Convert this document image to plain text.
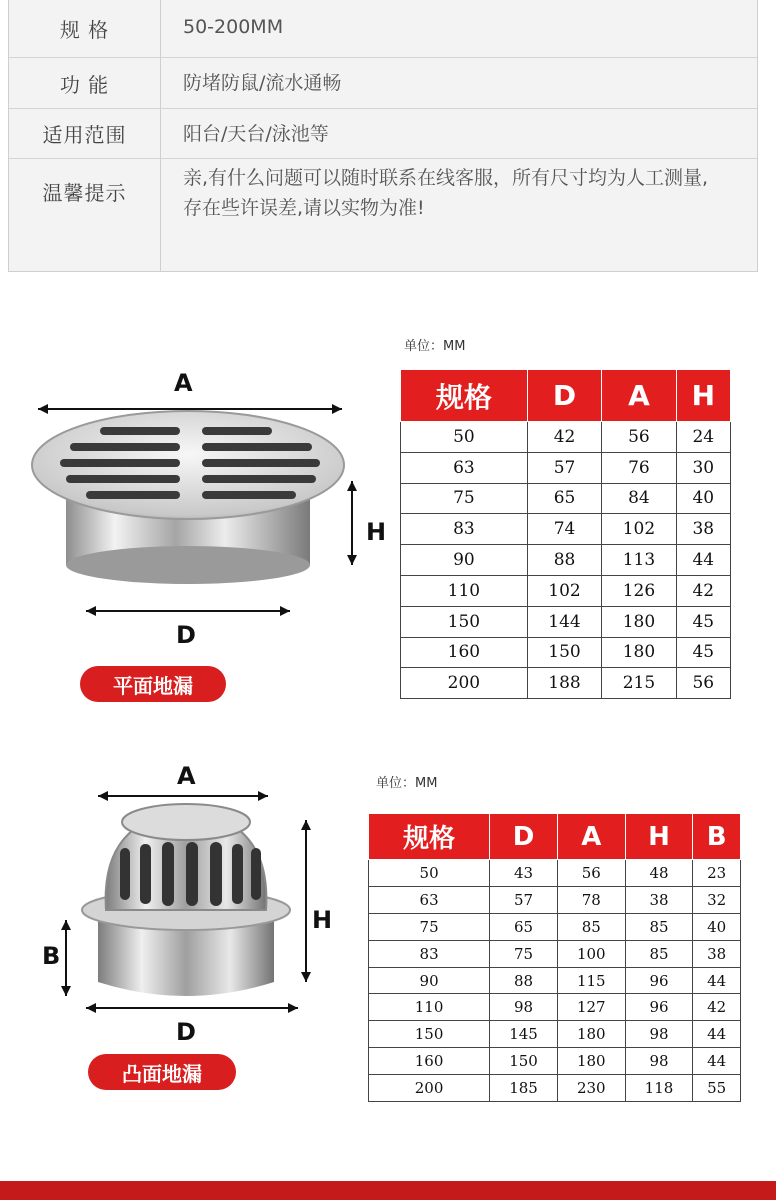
规 格	50-200MM
功 能	防堵防鼠/流水通畅
适用范围	阳台/天台/泳池等
温馨提示
亲,有什么问题可以随时联系在线客服，所有尺寸均为人工测量,存在些许误差,请以实物为准!
A
H
D
平面地漏
单位：MM
规格	D	A	H
50	42	56	24
63	57	76	30
75	65	84	40
83	74	102	38
90	88	113	44
110	102	126	42
150	144	180	45
160	150	180	45
200	188	215	56
A
H
B
D
凸面地漏
单位：MM
规格	D	A	H	B
50	43	56	48	23
63	57	78	38	32
75	65	85	85	40
83	75	100	85	38
90	88	115	96	44
110	98	127	96	42
150	145	180	98	44
160	150	180	98	44
200	185	230	118	55
